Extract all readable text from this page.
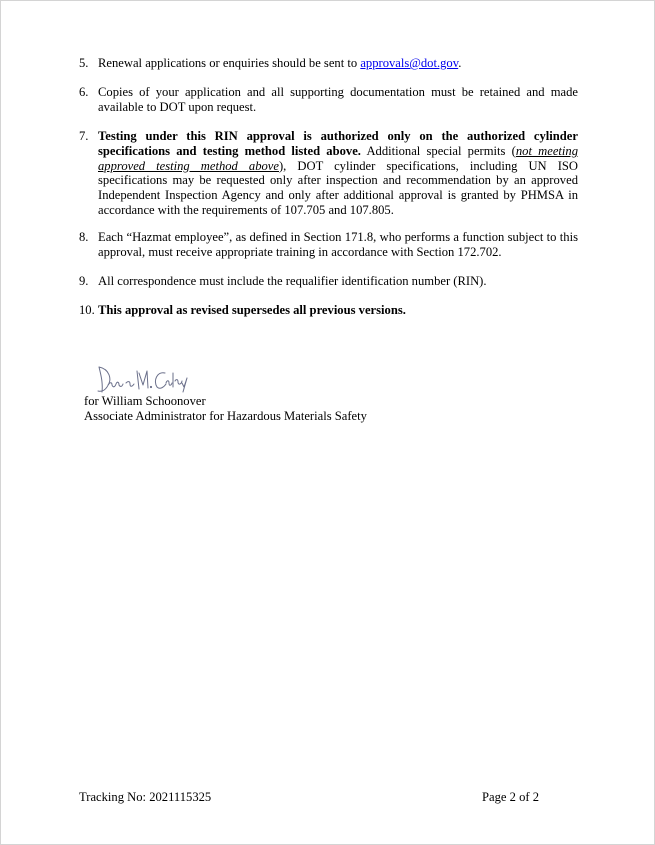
5. Renewal applications or enquiries should be sent to approvals@dot.gov.
6. Copies of your application and all supporting documentation must be retained and made available to DOT upon request.
7. Testing under this RIN approval is authorized only on the authorized cylinder specifications and testing method listed above. Additional special permits (not meeting approved testing method above), DOT cylinder specifications, including UN ISO specifications may be requested only after inspection and recommendation by an approved Independent Inspection Agency and only after additional approval is granted by PHMSA in accordance with the requirements of 107.705 and 107.805.
8. Each “Hazmat employee”, as defined in Section 171.8, who performs a function subject to this approval, must receive appropriate training in accordance with Section 172.702.
9. All correspondence must include the requalifier identification number (RIN).
10. This approval as revised supersedes all previous versions.
for William Schoonover
Associate Administrator for Hazardous Materials Safety
Tracking No: 2021115325	Page 2 of 2
